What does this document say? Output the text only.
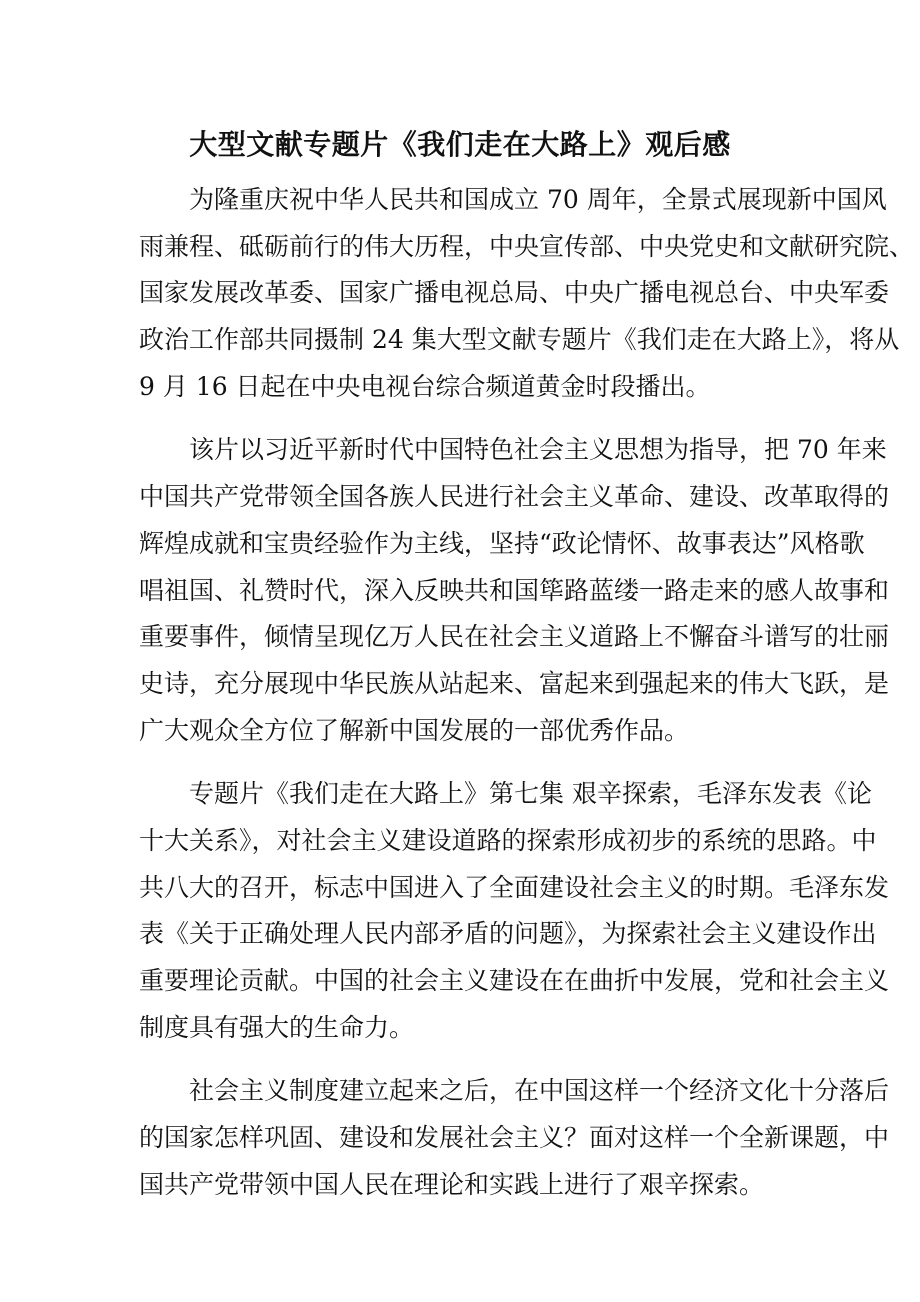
大型文献专题片《我们走在大路上》观后感
　　为隆重庆祝中华人民共和国成立 70 周年，全景式展现新中国风
雨兼程、砥砺前行的伟大历程，中央宣传部、中央党史和文献研究院、
国家发展改革委、国家广播电视总局、中央广播电视总台、中央军委
政治工作部共同摄制 24 集大型文献专题片《我们走在大路上》，将从
9 月 16 日起在中央电视台综合频道黄金时段播出。
　　该片以习近平新时代中国特色社会主义思想为指导，把 70 年来
中国共产党带领全国各族人民进行社会主义革命、建设、改革取得的
辉煌成就和宝贵经验作为主线，坚持“政论情怀、故事表达”风格歌
唱祖国、礼赞时代，深入反映共和国筚路蓝缕一路走来的感人故事和
重要事件，倾情呈现亿万人民在社会主义道路上不懈奋斗谱写的壮丽
史诗，充分展现中华民族从站起来、富起来到强起来的伟大飞跃，是
广大观众全方位了解新中国发展的一部优秀作品。
　　专题片《我们走在大路上》第七集 艰辛探索，毛泽东发表《论
十大关系》，对社会主义建设道路的探索形成初步的系统的思路。中
共八大的召开，标志中国进入了全面建设社会主义的时期。毛泽东发
表《关于正确处理人民内部矛盾的问题》，为探索社会主义建设作出
重要理论贡献。中国的社会主义建设在在曲折中发展，党和社会主义
制度具有强大的生命力。
　　社会主义制度建立起来之后，在中国这样一个经济文化十分落后
的国家怎样巩固、建设和发展社会主义？面对这样一个全新课题，中
国共产党带领中国人民在理论和实践上进行了艰辛探索。
